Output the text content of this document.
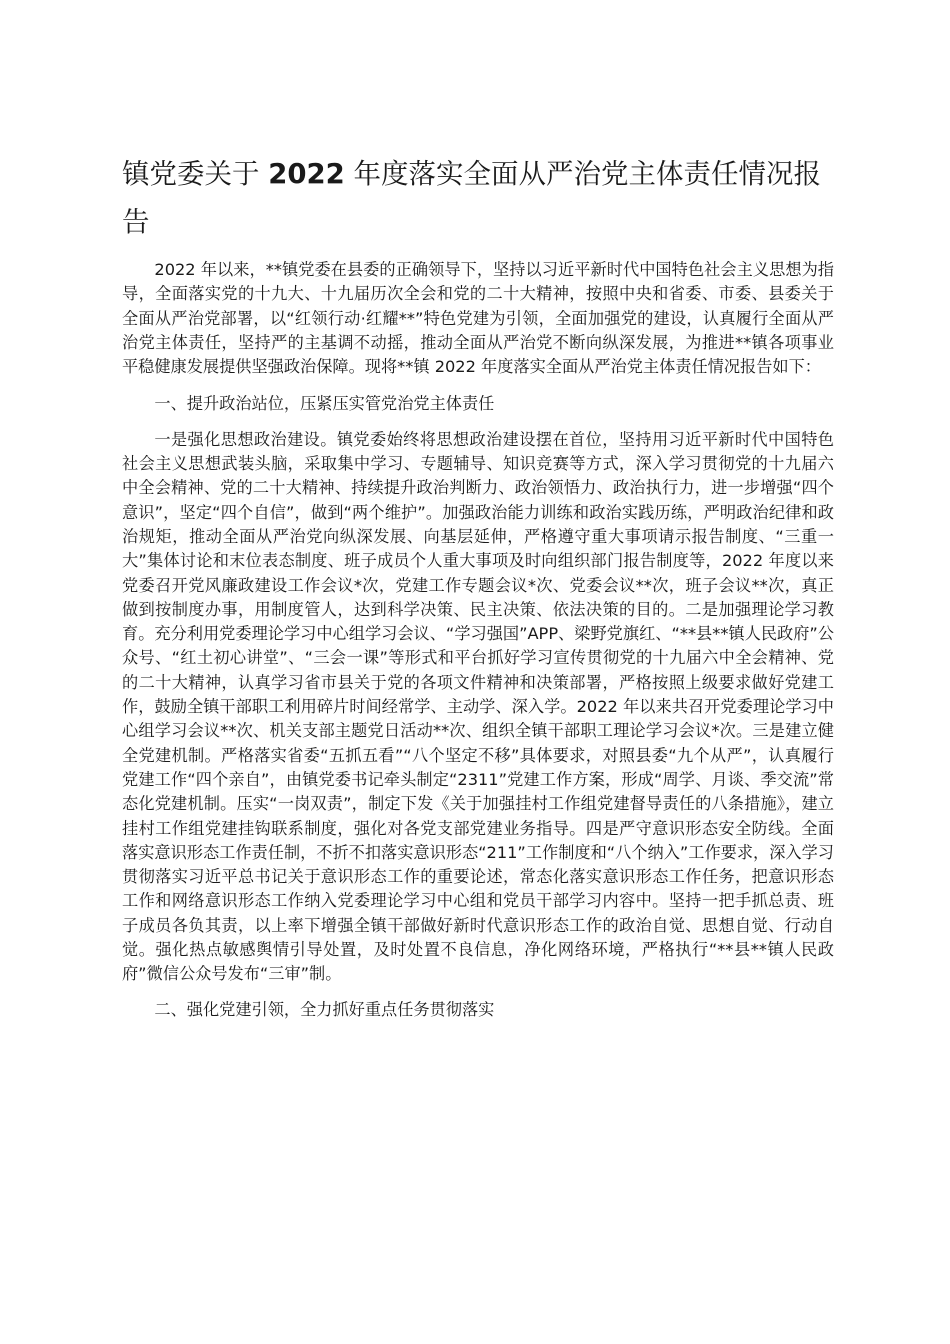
镇党委关于 2022 年度落实全面从严治党主体责任情况报告

2022 年以来，**镇党委在县委的正确领导下，坚持以习近平新时代中国特色社会主义思想为指导，全面落实党的十九大、十九届历次全会和党的二十大精神，按照中央和省委、市委、县委关于全面从严治党部署，以“红领行动·红耀**”特色党建为引领，全面加强党的建设，认真履行全面从严治党主体责任，坚持严的主基调不动摇，推动全面从严治党不断向纵深发展，为推进**镇各项事业平稳健康发展提供坚强政治保障。现将**镇 2022 年度落实全面从严治党主体责任情况报告如下：

一、提升政治站位，压紧压实管党治党主体责任

一是强化思想政治建设。镇党委始终将思想政治建设摆在首位，坚持用习近平新时代中国特色社会主义思想武装头脑，采取集中学习、专题辅导、知识竞赛等方式，深入学习贯彻党的十九届六中全会精神、党的二十大精神、持续提升政治判断力、政治领悟力、政治执行力，进一步增强“四个意识”，坚定“四个自信”，做到“两个维护”。加强政治能力训练和政治实践历练，严明政治纪律和政治规矩，推动全面从严治党向纵深发展、向基层延伸，严格遵守重大事项请示报告制度、“三重一大”集体讨论和末位表态制度、班子成员个人重大事项及时向组织部门报告制度等，2022 年度以来党委召开党风廉政建设工作会议*次，党建工作专题会议*次、党委会议**次，班子会议**次，真正做到按制度办事，用制度管人，达到科学决策、民主决策、依法决策的目的。二是加强理论学习教育。充分利用党委理论学习中心组学习会议、“学习强国”APP、梁野党旗红、“**县**镇人民政府”公众号、“红土初心讲堂”、“三会一课”等形式和平台抓好学习宣传贯彻党的十九届六中全会精神、党的二十大精神，认真学习省市县关于党的各项文件精神和决策部署，严格按照上级要求做好党建工作，鼓励全镇干部职工利用碎片时间经常学、主动学、深入学。2022 年以来共召开党委理论学习中心组学习会议**次、机关支部主题党日活动**次、组织全镇干部职工理论学习会议*次。三是建立健全党建机制。严格落实省委“五抓五看”“八个坚定不移”具体要求，对照县委“九个从严”，认真履行党建工作“四个亲自”，由镇党委书记牵头制定“2311”党建工作方案，形成“周学、月谈、季交流”常态化党建机制。压实“一岗双责”，制定下发《关于加强挂村工作组党建督导责任的八条措施》，建立挂村工作组党建挂钩联系制度，强化对各党支部党建业务指导。四是严守意识形态安全防线。全面落实意识形态工作责任制，不折不扣落实意识形态“211”工作制度和“八个纳入”工作要求，深入学习贯彻落实习近平总书记关于意识形态工作的重要论述，常态化落实意识形态工作任务，把意识形态工作和网络意识形态工作纳入党委理论学习中心组和党员干部学习内容中。坚持一把手抓总责、班子成员各负其责，以上率下增强全镇干部做好新时代意识形态工作的政治自觉、思想自觉、行动自觉。强化热点敏感舆情引导处置，及时处置不良信息，净化网络环境，严格执行“**县**镇人民政府”微信公众号发布“三审”制。

二、强化党建引领，全力抓好重点任务贯彻落实
